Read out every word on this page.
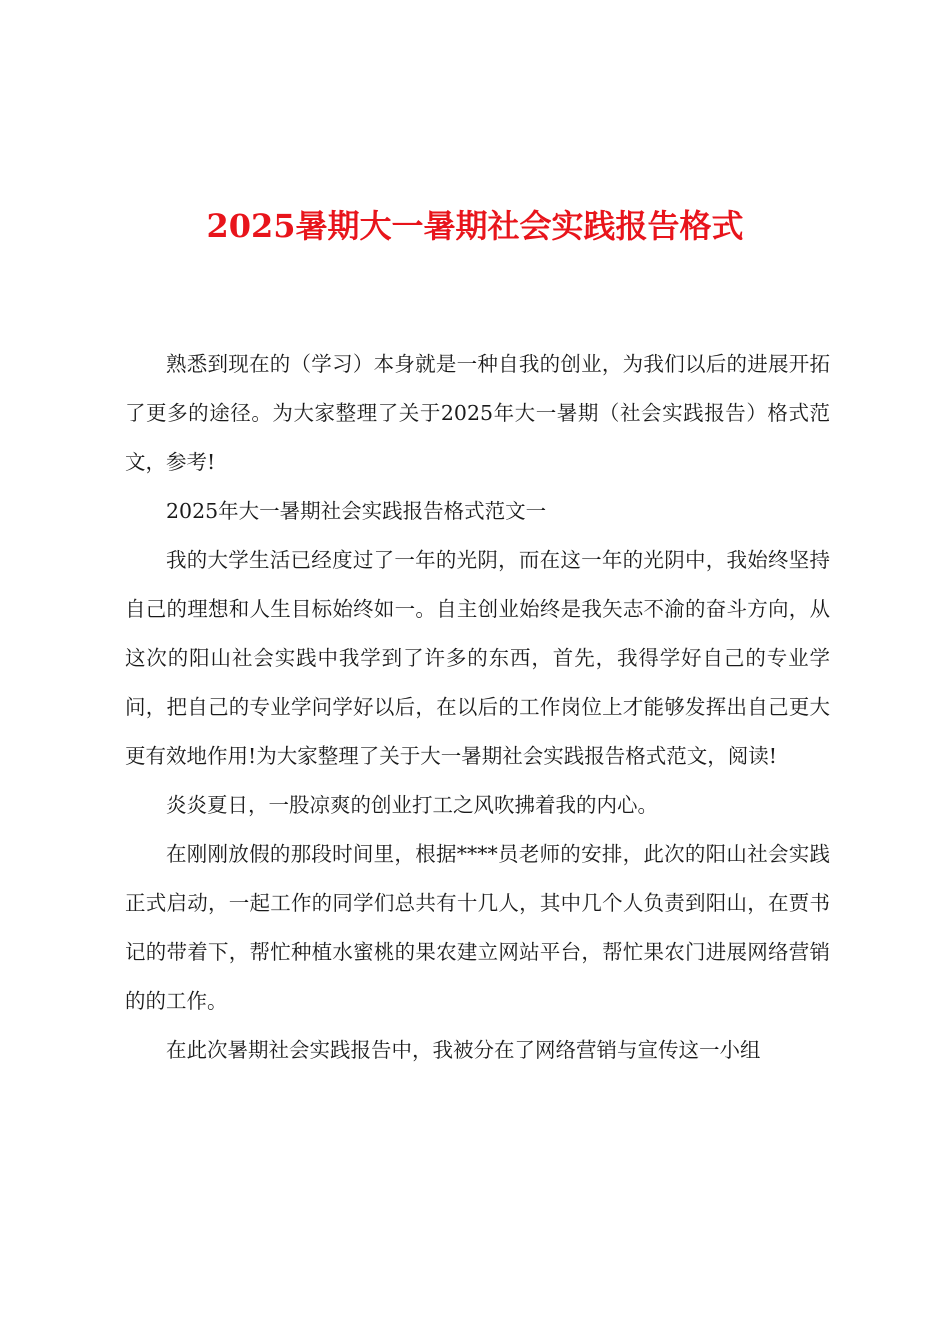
2025暑期大一暑期社会实践报告格式

熟悉到现在的（学习）本身就是一种自我的创业，为我们以后的进展开拓了更多的途径。为大家整理了关于2025年大一暑期（社会实践报告）格式范文，参考!

2025年大一暑期社会实践报告格式范文一

我的大学生活已经度过了一年的光阴，而在这一年的光阴中，我始终坚持自己的理想和人生目标始终如一。自主创业始终是我矢志不渝的奋斗方向，从这次的阳山社会实践中我学到了许多的东西，首先，我得学好自己的专业学问，把自己的专业学问学好以后，在以后的工作岗位上才能够发挥出自己更大更有效地作用!为大家整理了关于大一暑期社会实践报告格式范文，阅读!

炎炎夏日，一股凉爽的创业打工之风吹拂着我的内心。

在刚刚放假的那段时间里，根据****员老师的安排，此次的阳山社会实践正式启动，一起工作的同学们总共有十几人，其中几个人负责到阳山，在贾书记的带着下，帮忙种植水蜜桃的果农建立网站平台，帮忙果农门进展网络营销的的工作。

在此次暑期社会实践报告中，我被分在了网络营销与宣传这一小组
